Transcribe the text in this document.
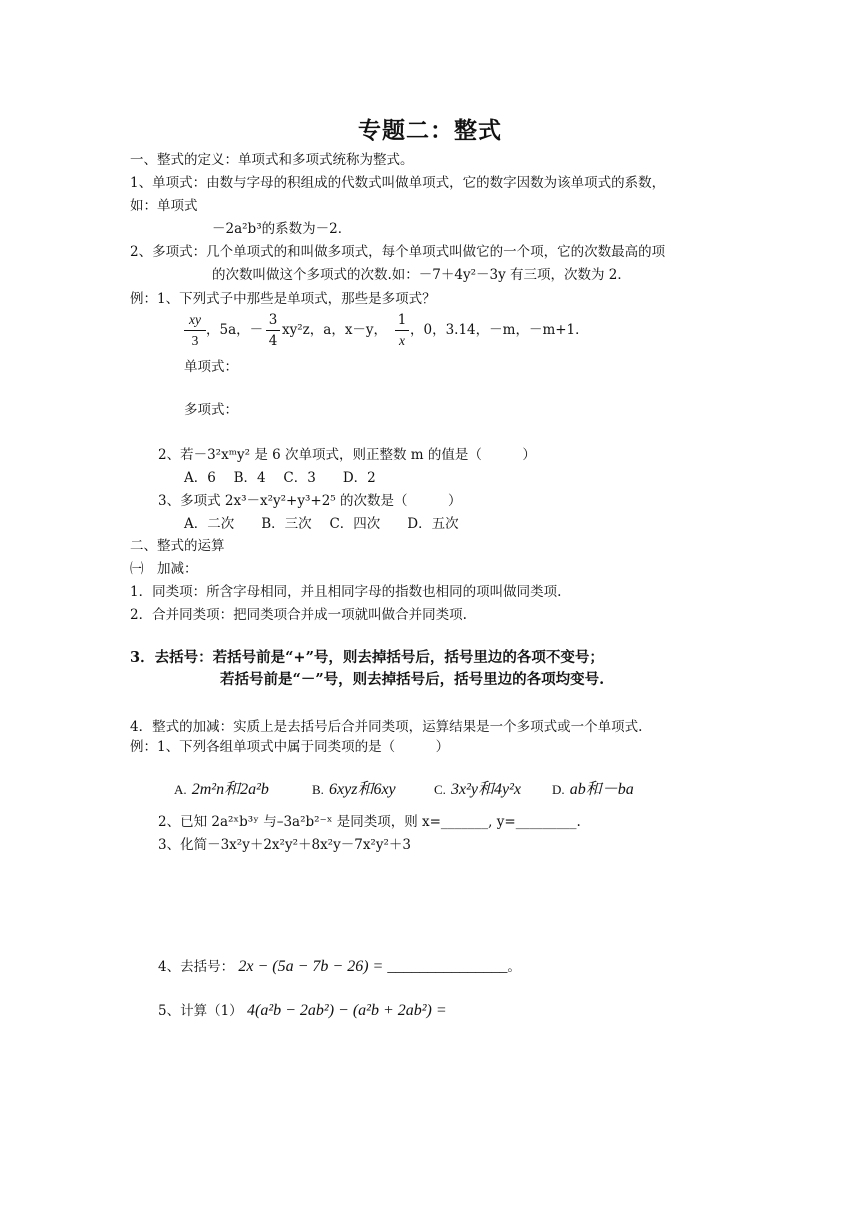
专题二：整式
一、整式的定义：单项式和多项式统称为整式。
1、单项式：由数与字母的积组成的代数式叫做单项式，它的数字因数为该单项式的系数，
如：单项式
－2a²b³的系数为－2．
2、多项式：几个单项式的和叫做多项式，每个单项式叫做它的一个项，它的次数最高的项
的次数叫做这个多项式的次数.如：－7＋4y²－3y 有三项，次数为 2．
例：1、下列式子中那些是单项式，那些是多项式？
xy
3
，5a，－
3
4
xy²z，a，x－y，
1
x
，0，3.14，－m，－m+1．
单项式：
多项式：
2、若－3²xᵐy² 是 6 次单项式，则正整数 m 的值是（　　　）
A．6　 B．4　 C．3　　D．2
3、多项式 2x³－x²y²+y³+2⁵ 的次数是（　　　）
A．二次　　B．三次　 C．四次　　D．五次
二、整式的运算
㈠　加减：
1．同类项：所含字母相同，并且相同字母的指数也相同的项叫做同类项.
2．合并同类项：把同类项合并成一项就叫做合并同类项.
3．去括号：若括号前是“+”号，则去掉括号后，括号里边的各项不变号；
若括号前是“－”号，则去掉括号后，括号里边的各项均变号.
4．整式的加减：实质上是去括号后合并同类项，运算结果是一个多项式或一个单项式.
例：1、下列各组单项式中属于同类项的是（　　　）
A. 2m²n和2a²b	B. 6xyz和6xy	C. 3x²y和4y²x D. ab和－ba
2、已知 2a²ˣb³ʸ 与–3a²b²⁻ˣ 是同类项，则 x=_______, y=_________.
3、化简－3x²y＋2x²y²＋8x²y－7x²y²＋3
4、去括号： 2x − (5a − 7b − 26) = _______________。
5、计算（1） 4(a²b − 2ab²) − (a²b + 2ab²) =
